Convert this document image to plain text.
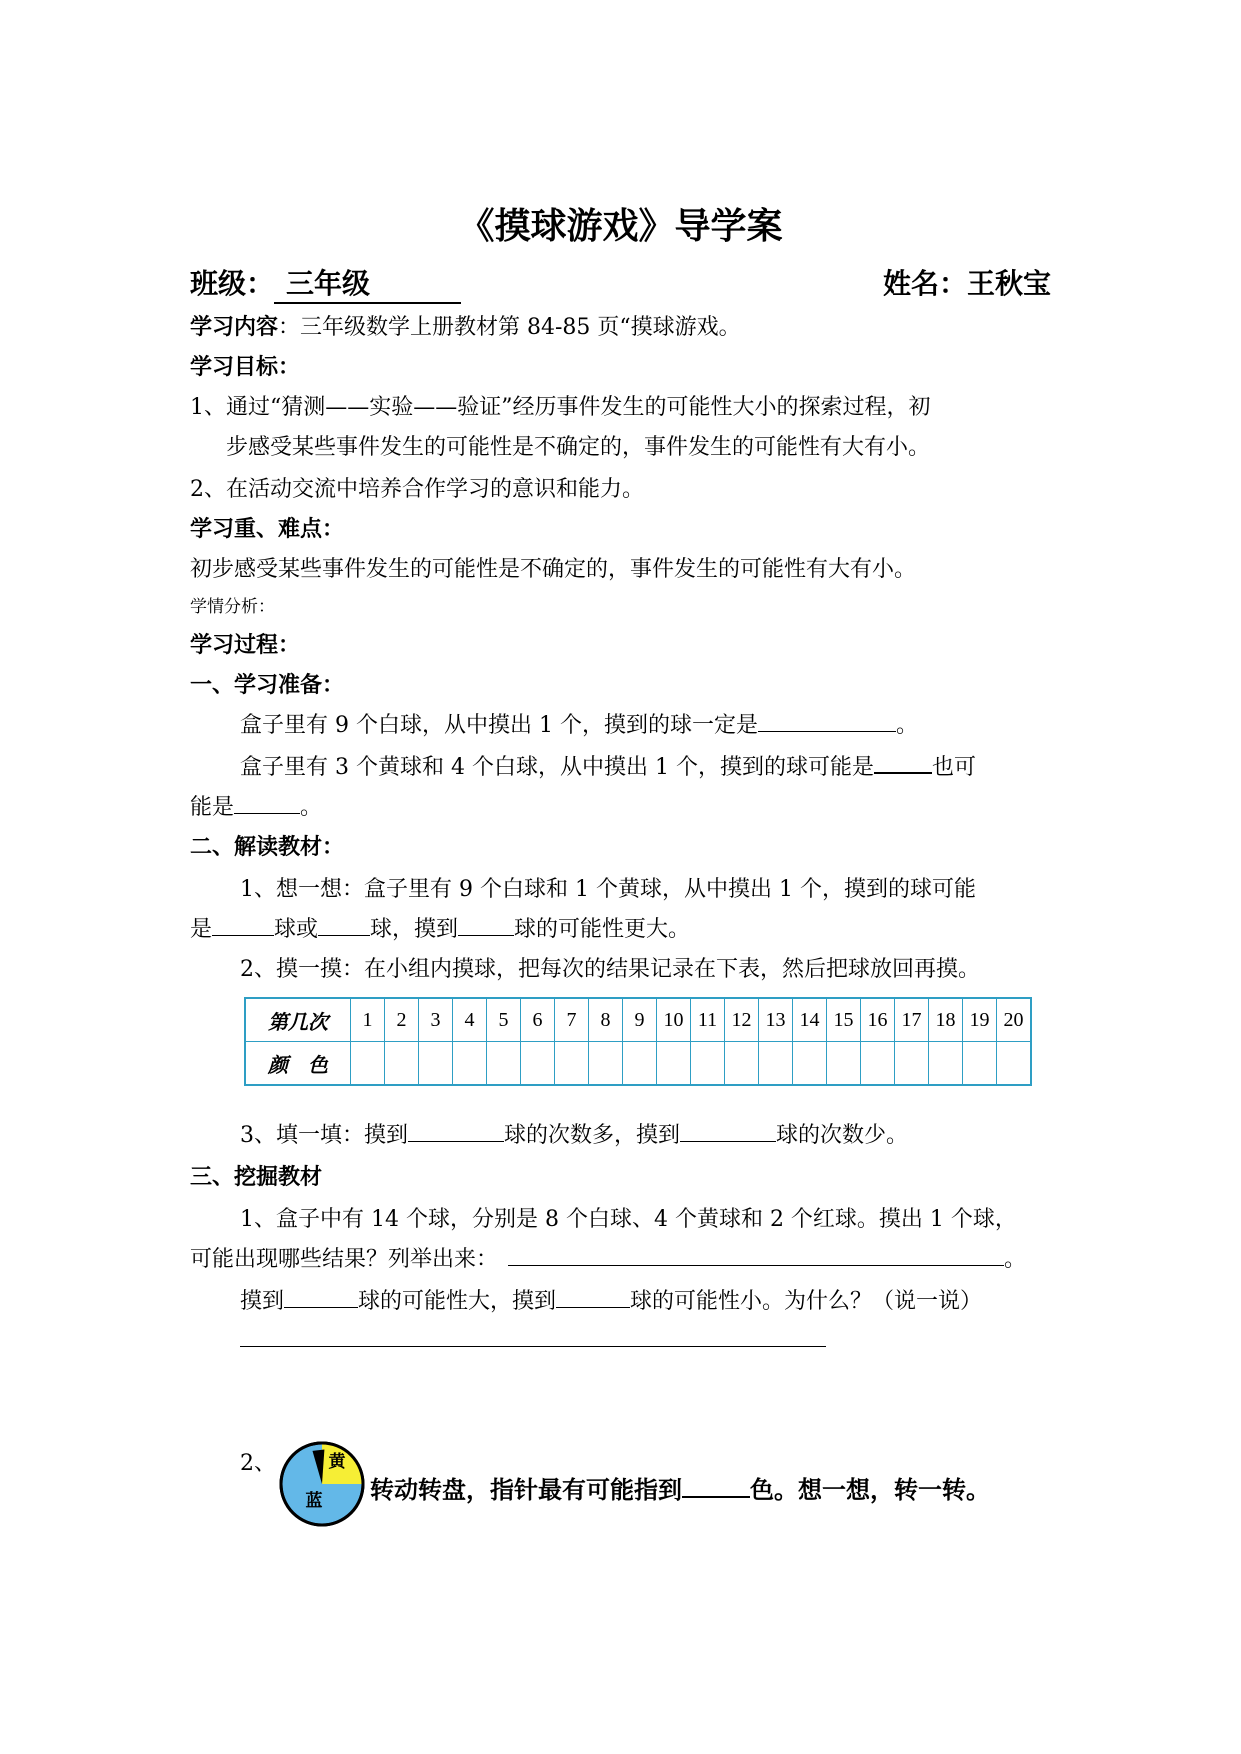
《摸球游戏》导学案
班级： 三年级	姓名：王秋宝
学习内容：三年级数学上册教材第 84-85 页“摸球游戏。
学习目标：
1、通过“猜测——实验——验证”经历事件发生的可能性大小的探索过程，初
步感受某些事件发生的可能性是不确定的，事件发生的可能性有大有小。
2、在活动交流中培养合作学习的意识和能力。
学习重、难点：
初步感受某些事件发生的可能性是不确定的，事件发生的可能性有大有小。
学情分析：
学习过程：
一、学习准备：
盒子里有 9 个白球，从中摸出 1 个，摸到的球一定是	。
盒子里有 3 个黄球和 4 个白球，从中摸出 1 个，摸到的球可能是	也可
能是	。
二、解读教材：
1、想一想：盒子里有 9 个白球和 1 个黄球，从中摸出 1 个，摸到的球可能
是	球或 球，摸到	球的可能性更大。
2、摸一摸：在小组内摸球，把每次的结果记录在下表，然后把球放回再摸。
第几次	1	2	3	4	5	6	7	8	9	10	11	12	13	14	15	16	17	18	19	20
颜　色																				
3、填一填：摸到	球的次数多，摸到	球的次数少。
三、挖掘教材
1、盒子中有 14 个球，分别是 8 个白球、4 个黄球和 2 个红球。摸出 1 个球，
可能出现哪些结果？列举出来：	。
摸到	球的可能性大，摸到	球的可能性小。为什么？（说一说）
2、	黄
蓝 转动转盘，指针最有可能指到	色。想一想，转一转。
